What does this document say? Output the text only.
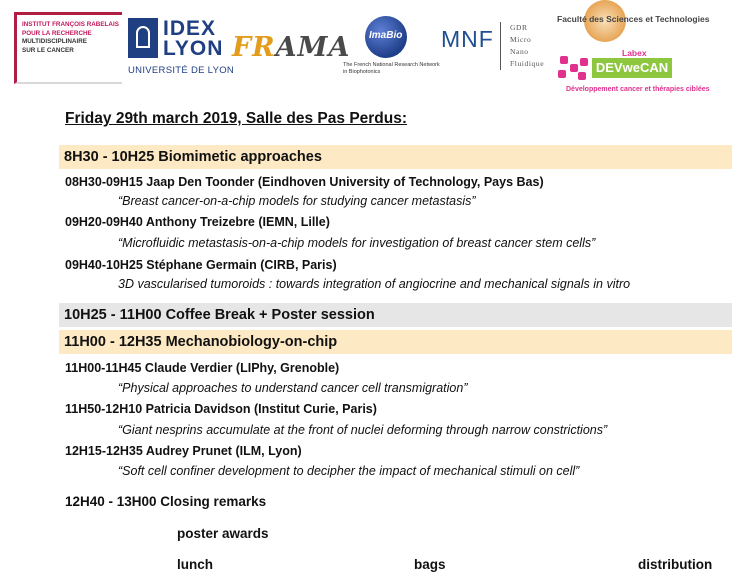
INSTITUT FRANÇOIS RABELAIS
POUR LA RECHERCHE
MULTIDISCIPLINAIRE
SUR LE CANCER
IDEX
LYON
UNIVERSITÉ DE LYON
FRAMA ImaBio
The French National Research Network in Biophotonics
MNF GDR
Micro
Nano
Fluidique
Faculté des Sciences et Technologies
Labex
DEVweCAN
Développement cancer et thérapies ciblées
Friday 29th march 2019, Salle des Pas Perdus:
8H30 - 10H25 Biomimetic approaches
08H30-09H15 Jaap Den Toonder (Eindhoven University of Technology, Pays Bas)
“Breast cancer-on-a-chip models for studying cancer metastasis”
09H20-09H40 Anthony Treizebre (IEMN, Lille)
“Microfluidic metastasis-on-a-chip models for investigation of breast cancer stem cells”
09H40-10H25 Stéphane Germain (CIRB, Paris)
3D vascularised tumoroids : towards integration of angiocrine and mechanical signals in vitro
10H25 - 11H00 Coffee Break + Poster session
11H00 - 12H35 Mechanobiology-on-chip
11H00-11H45 Claude Verdier (LIPhy, Grenoble)
“Physical approaches to understand cancer cell transmigration”
11H50-12H10 Patricia Davidson (Institut Curie, Paris)
“Giant nesprins accumulate at the front of nuclei deforming through narrow constrictions”
12H15-12H35 Audrey Prunet (ILM, Lyon)
“Soft cell confiner development to decipher the impact of mechanical stimuli on cell”
12H40 - 13H00 Closing remarks
poster awards
lunch	bags	distribution
